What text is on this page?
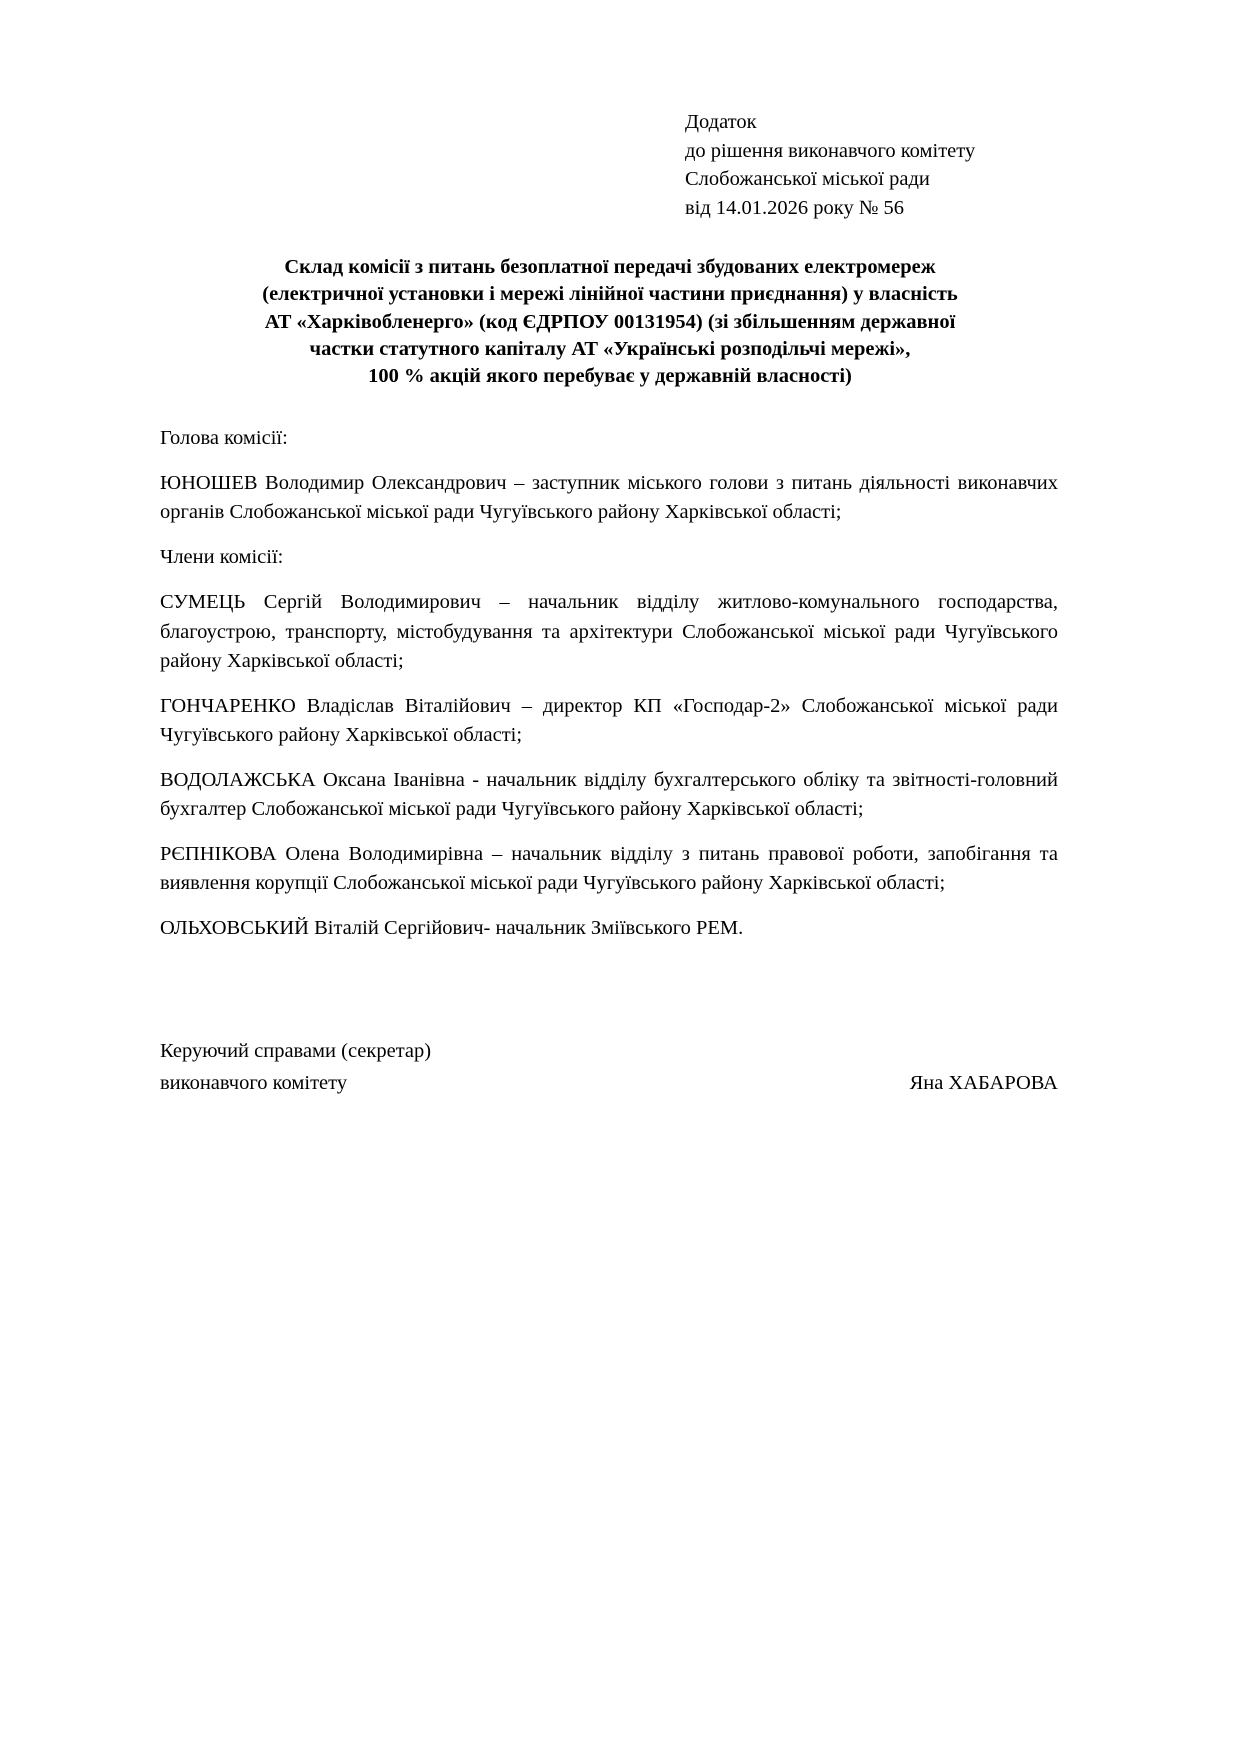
Додаток
до рішення виконавчого комітету
Слобожанської міської ради
від 14.01.2026 року № 56
Склад комісії з питань безоплатної передачі збудованих електромереж
(електричної установки і мережі лінійної частини приєднання) у власність
АТ «Харківобленерго» (код ЄДРПОУ 00131954) (зі збільшенням державної
частки статутного капіталу АТ «Українські розподільчі мережі»,
100 % акцій якого перебуває у державній власності)

Голова комісії:

ЮНОШЕВ Володимир Олександрович – заступник міського голови з питань діяльності виконавчих органів Слобожанської міської ради Чугуївського району Харківської області;

Члени комісії:

СУМЕЦЬ Сергій Володимирович – начальник відділу житлово-комунального господарства, благоустрою, транспорту, містобудування та архітектури Слобожанської міської ради Чугуївського району Харківської області;

ГОНЧАРЕНКО Владіслав Віталійович – директор КП «Господар-2» Слобожанської міської ради Чугуївського району Харківської області;

ВОДОЛАЖСЬКА Оксана Іванівна - начальник відділу бухгалтерського обліку та звітності-головний бухгалтер Слобожанської міської ради Чугуївського району Харківської області;

РЄПНІКОВА Олена Володимирівна – начальник відділу з питань правової роботи, запобігання та виявлення корупції Слобожанської міської ради Чугуївського району Харківської області;

ОЛЬХОВСЬКИЙ Віталій Сергійович- начальник Зміївського РЕМ.

Керуючий справами (секретар)
виконавчого комітету	Яна ХАБАРОВА
